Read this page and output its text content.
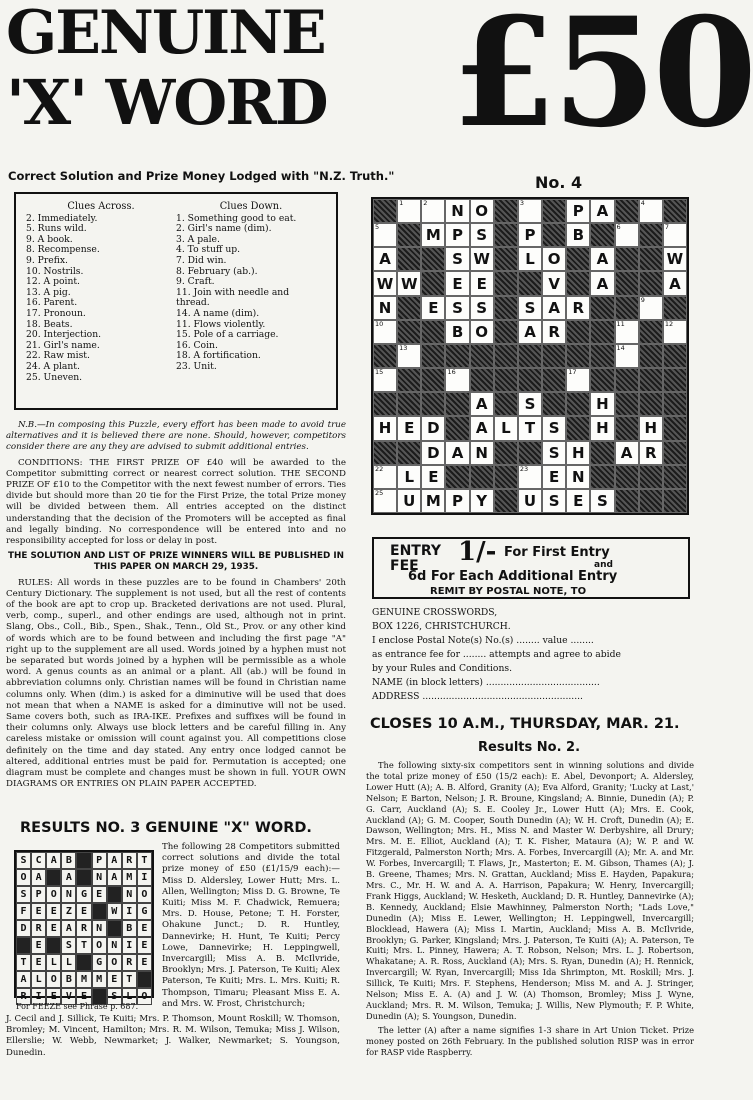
GENUINE
'X' WORD £50
Correct Solution and Prize Money Lodged with "N.Z. Truth."	No. 4
Clues Across.
2. Immediately.
5. Runs wild.
9. A book.
8. Recompense.
9. Prefix.
10. Nostrils.
12. A point.
13. A pig.
16. Parent.
17. Pronoun.
18. Beats.
20. Interjection.
21. Girl's name.
22. Raw mist.
24. A plant.
25. Uneven.
Clues Down.
1. Something good to eat.
2. Girl's name (dim).
3. A pale.
4. To stuff up.
7. Did win.
8. February (ab.).
9. Craft.
11. Join with needle and
thread.
14. A name (dim).
11. Flows violently.
15. Pole of a carriage.
16. Coin.
18. A fortification.
23. Unit.

N.B.—In composing this Puzzle, every effort has been made to avoid true alternatives and it is believed there are none. Should, however, competitors consider there are any they are advised to submit additional entries.

CONDITIONS: THE FIRST PRIZE OF £40 will be awarded to the Competitor submitting correct or nearest correct solution. THE SECOND PRIZE OF £10 to the Competitor with the next fewest number of errors. Ties divide but should more than 20 tie for the First Prize, the total Prize money will be divided between them. All entries accepted on the distinct understanding that the decision of the Promoters will be accepted as final and legally binding. No correspondence will be entered into and no responsibility accepted for loss or delay in post.

THE SOLUTION AND LIST OF PRIZE WINNERS WILL BE PUBLISHED IN THIS PAPER ON MARCH 29, 1935.

RULES: All words in these puzzles are to be found in Chambers' 20th Century Dictionary. The supplement is not used, but all the rest of contents of the book are apt to crop up. Bracketed derivations are not used. Plural, verb, comp., superl., and other endings are used, although not in print. Slang, Obs., Coll., Bib., Spen., Shak., Tenn., Old St., Prov. or any other kind of words which are to be found between and including the first page "A" right up to the supplement are all used. Words joined by a hyphen must not be separated but words joined by a hyphen will be permissible as a whole word. A genus counts as an animal or a plant. All (ab.) will be found in abbreviation columns only. Christian names will be found in Christian name columns only. When (dim.) is asked for a diminutive will be used that does not mean that when a NAME is asked for a diminutive will not be used. Same covers both, such as IRA-IKE. Prefixes and suffixes will be found in their columns only. Always use block letters and be careful filling in. Any careless mistake or omission will count against you. All competitions close definitely on the time and day stated. Any entry once lodged cannot be altered, additional entries must be paid for. Permutation is accepted; one diagram must be complete and changes must be shown in full. YOUR OWN DIAGRAMS OR ENTRIES ON PLAIN PAPER ACCEPTED.

RESULTS NO. 3 GENUINE "X" WORD.
S C A B	P A R T
O A	A	N A M I
S P O N G E	N O
F E E Z E	W I G
D R E A R N	B E
E	S T O N I E
T E L L	G O R E
A L O B M M E T
R I E V E	S L O
For FEEZE see Phrase p. 687.
The following 28 Competitors submitted correct solutions and divide the total prize money of £50 (£1/15/9 each):—Miss D. Aldersley, Lower Hutt; Mrs. L. Allen, Wellington; Miss D. G. Browne, Te Kuiti; Miss M. F. Chadwick, Remuera; Mrs. D. House, Petone; T. H. Forster, Ohakune Junct.; D. R. Huntley, Dannevirke; H. Hunt, Te Kuiti; Percy Lowe, Dannevirke; H. Leppingwell, Invercargill; Miss A. B. McIlvride, Brooklyn; Mrs. J. Paterson, Te Kuiti; Alex Paterson, Te Kuiti; Mrs. L. Mrs. Kuiti; R. Thompson, Timaru; Pleasant Miss E. A. and Mrs. W. Frost, Christchurch;
J. Cecil and J. Sillick, Te Kuiti; Mrs. P. Thomson, Mount Roskill; W. Thomson, Bromley; M. Vincent, Hamilton; Mrs. R. M. Wilson, Temuka; Miss J. Wilson, Ellerslie; W. Webb, Newmarket; J. Walker, Newmarket; S. Youngson, Dunedin.
1	2 N O	3	P A	4
5	M P S P B	6	7
A	S W L O A	W
W W E E	V A	A
N E S S S A R	9
10	B O A R	11	12
13	14
15	16	17
A S	H
H E D A L T S H H
D A N	S H A R
22 L E	23 E N
25 U M P Y U S E S
ENTRY FEE	1/- For First Entry
and
6d For Each Additional Entry
REMIT BY POSTAL NOTE, TO
GENUINE CROSSWORDS,
BOX 1226, CHRISTCHURCH.
I enclose Postal Note(s) No.(s) ........ value ........
as entrance fee for ........ attempts and agree to abide
by your Rules and Conditions.
NAME (in block letters) .......................................
ADDRESS .......................................................
CLOSES 10 A.M., THURSDAY, MAR. 21.
Results No. 2.

The following sixty-six competitors sent in winning solutions and divide the total prize money of £50 (15/2 each): E. Abel, Devonport; A. Aldersley, Lower Hutt (A); A. B. Alford, Granity (A); Eva Alford, Granity; 'Lucky at Last,' Nelson; E Barton, Nelson; J. R. Broune, Kingsland; A. Binnie, Dunedin (A); P. G. Carr, Auckland (A); S. E. Cooley Jr., Lower Hutt (A); Mrs. E. Cook, Auckland (A); G. M. Cooper, South Dunedin (A); W. H. Croft, Dunedin (A); E. Dawson, Wellington; Mrs. H., Miss N. and Master W. Derbyshire, all Drury; Mrs. M. E. Elliot, Auckland (A); T. K. Fisher, Mataura (A); W. P. and W. Fitzgerald, Palmerston North; Mrs. A. Forbes, Invercargill (A); Mr. A. and Mr. W. Forbes, Invercargill; T. Flaws, Jr., Masterton; E. M. Gibson, Thames (A); J. B. Greene, Thames; Mrs. N. Grattan, Auckland; Miss E. Hayden, Papakura; Mrs. C., Mr. H. W. and A. A. Harrison, Papakura; W. Henry, Invercargill; Frank Higgs, Auckland; W. Hesketh, Auckland; D. R. Huntley, Dannevirke (A); B. Kennedy, Auckland; Elsie Mawhinney, Palmerston North; "Lads Love," Dunedin (A); Miss E. Lewer, Wellington; H. Leppingwell, Invercargill; Blocklead, Hawera (A); Miss I. Martin, Auckland; Miss A. B. McIlvride, Brooklyn; G. Parker, Kingsland; Mrs. J. Paterson, Te Kuiti (A); A. Paterson, Te Kuiti; Mrs. L. Pinney, Hawera; A. T. Robson, Nelson; Mrs. L. J. Robertson, Whakatane; A. R. Ross, Auckland (A); Mrs. S. Ryan, Dunedin (A); H. Rennick, Invercargill; W. Ryan, Invercargill; Miss Ida Shrimpton, Mt. Roskill; Mrs. J. Sillick, Te Kuiti; Mrs. F. Stephens, Henderson; Miss M. and A. J. Stringer, Nelson; Miss E. A. (A) and J. W. (A) Thomson, Bromley; Miss J. Wyne, Auckland; Mrs. R. M. Wilson, Temuka; J. Willis, New Plymouth; F. P. White, Dunedin (A); S. Youngson, Dunedin.

The letter (A) after a name signifies 1-3 share in Art Union Ticket. Prize money posted on 26th February. In the published solution RISP was in error for RASP vide Raspberry.
